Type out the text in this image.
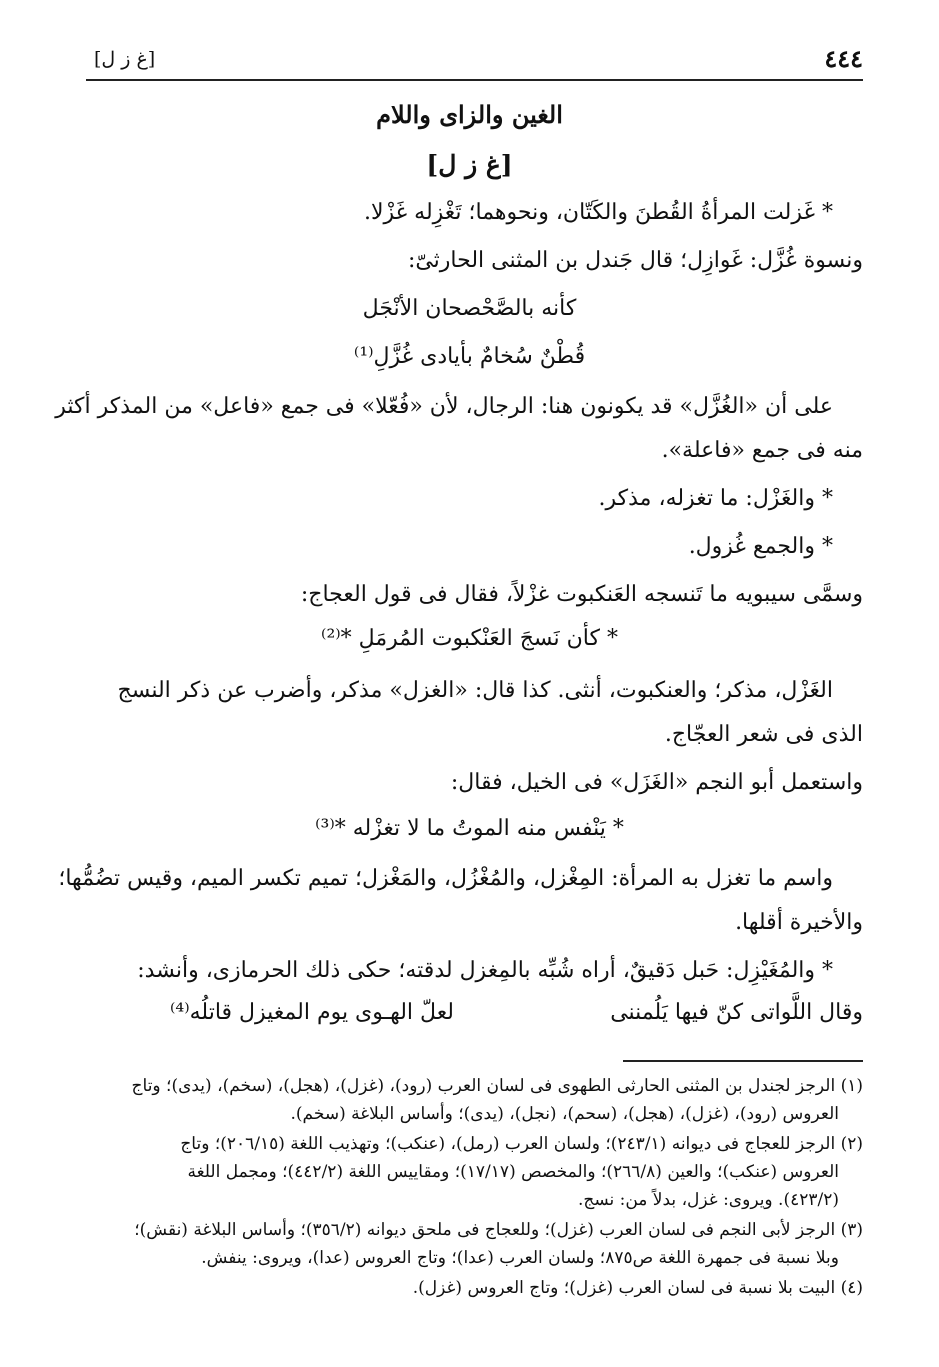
٤٤٤
[غ ز ل]
الغين والزاى واللام
[غ ز ل]
* غَزلت المرأةُ القُطنَ والكَتّان، ونحوهما؛ تَغْزِله غَزْلا.
ونسوة غُزَّل: غَوازِل؛ قال جَندل بن المثنى الحارثىّ:
كأنه بالصَّحْصحان الأنْجَل
قُطْنٌ سُخامٌ بأيادى غُزَّلِ⁽¹⁾
على أن «الغُزَّل» قد يكونون هنا: الرجال، لأن «فُعّلا» فى جمع «فاعل» من المذكر أكثر
منه فى جمع «فاعلة».
* والغَزْل: ما تغزله، مذكر.
* والجمع غُزول.
وسمَّى سيبويه ما تَنسجه العَنكبوت غزْلاً، فقال فى قول العجاج:
* كأن نَسجَ العَنْكبوت المُرمَلِ *⁽²⁾
الغَزْل، مذكر؛ والعنكبوت، أنثى. كذا قال: «الغزل» مذكر، وأضرب عن ذكر النسج
الذى فى شعر العجّاج.
واستعمل أبو النجم «الغَزَل» فى الخيل، فقال:
* يَنْفس منه الموتُ ما لا تغزْله *⁽³⁾
واسم ما تغزل به المرأة: المِغْزل، والمُغْزُل، والمَغْزل؛ تميم تكسر الميم، وقيس تضُمُّها؛
والأخيرة أقلها.
* والمُغَيْزِل: حَبل دَقيقٌ، أراه شُبِّه بالمِغزل لدقته؛ حكى ذلك الحرمازى، وأنشد:
وقال اللَّواتى كنّ فيها يَلُمننى
لعلّ الهـوى يوم المغيزل قاتلُه⁽⁴⁾
(١) الرجز لجندل بن المثنى الحارثى الطهوى فى لسان العرب (رود)، (غزل)، (هجل)، (سخم)، (يدى)؛ وتاج
العروس (رود)، (غزل)، (هجل)، (سحم)، (نجل)، (يدى)؛ وأساس البلاغة (سخم).
(٢) الرجز للعجاج فى ديوانه (٢٤٣/١)؛ ولسان العرب (رمل)، (عنكب)؛ وتهذيب اللغة (٢٠٦/١٥)؛ وتاج
العروس (عنكب)؛ والعين (٢٦٦/٨)؛ والمخصص (١٧/١٧)؛ ومقاييس اللغة (٤٤٢/٢)؛ ومجمل اللغة
(٤٢٣/٢). ويروى: غزل، بدلاً من: نسج.
(٣) الرجز لأبى النجم فى لسان العرب (غزل)؛ وللعجاج فى ملحق ديوانه (٣٥٦/٢)؛ وأساس البلاغة (نقش)؛
وبلا نسبة فى جمهرة اللغة ص٨٧٥؛ ولسان العرب (عدا)؛ وتاج العروس (عدا)، ويروى: ينفش.
(٤) البيت بلا نسبة فى لسان العرب (غزل)؛ وتاج العروس (غزل).
